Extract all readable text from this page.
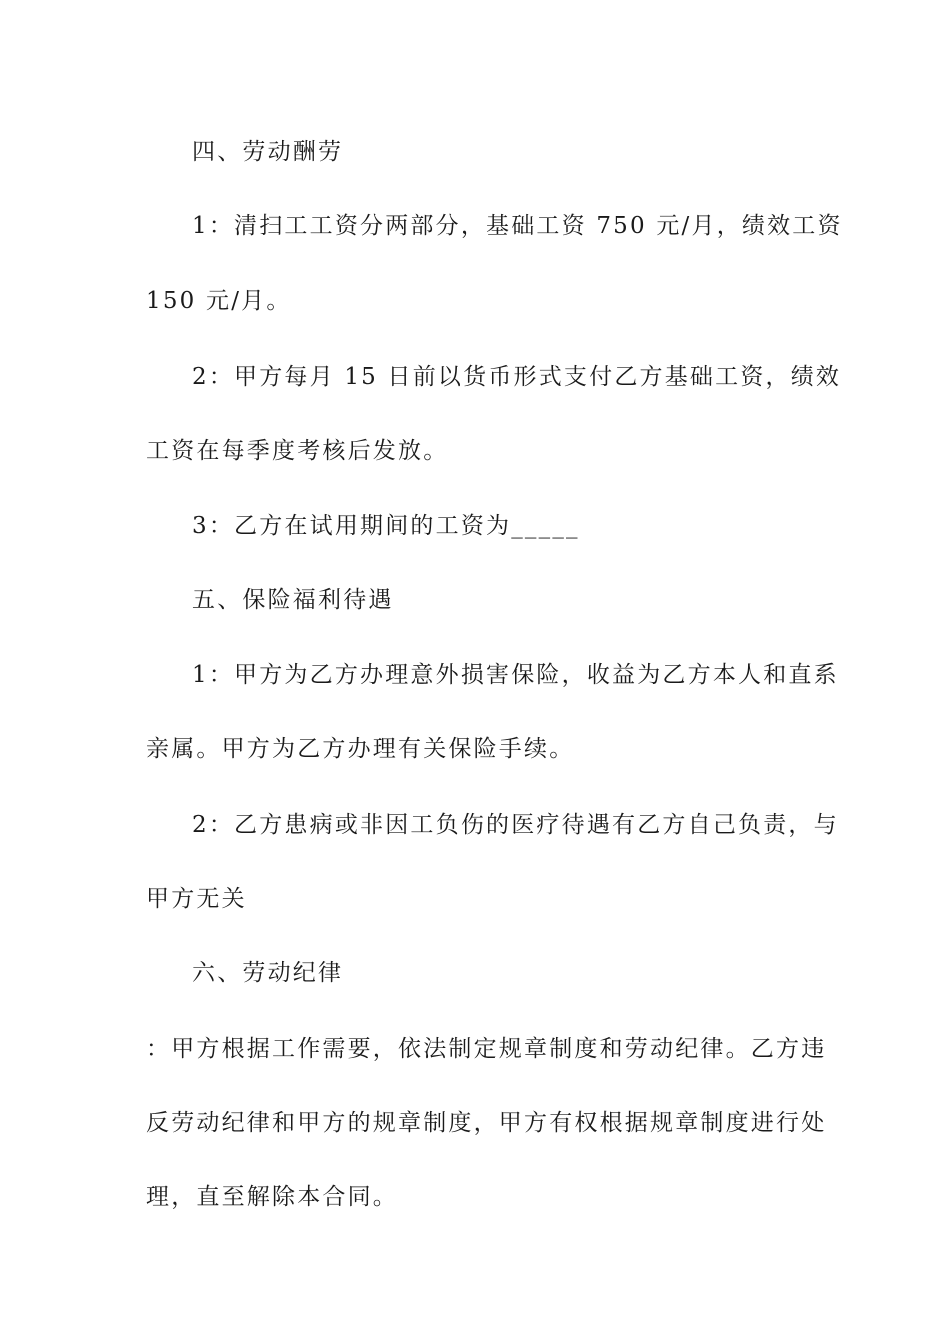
四、劳动酬劳
1：清扫工工资分两部分，基础工资 750 元/月，绩效工资
150 元/月。
2：甲方每月 15 日前以货币形式支付乙方基础工资，绩效
工资在每季度考核后发放。
3：乙方在试用期间的工资为_____
五、保险福利待遇
1：甲方为乙方办理意外损害保险，收益为乙方本人和直系
亲属。甲方为乙方办理有关保险手续。
2：乙方患病或非因工负伤的医疗待遇有乙方自己负责，与
甲方无关
六、劳动纪律
：甲方根据工作需要，依法制定规章制度和劳动纪律。乙方违
反劳动纪律和甲方的规章制度，甲方有权根据规章制度进行处
理，直至解除本合同。
